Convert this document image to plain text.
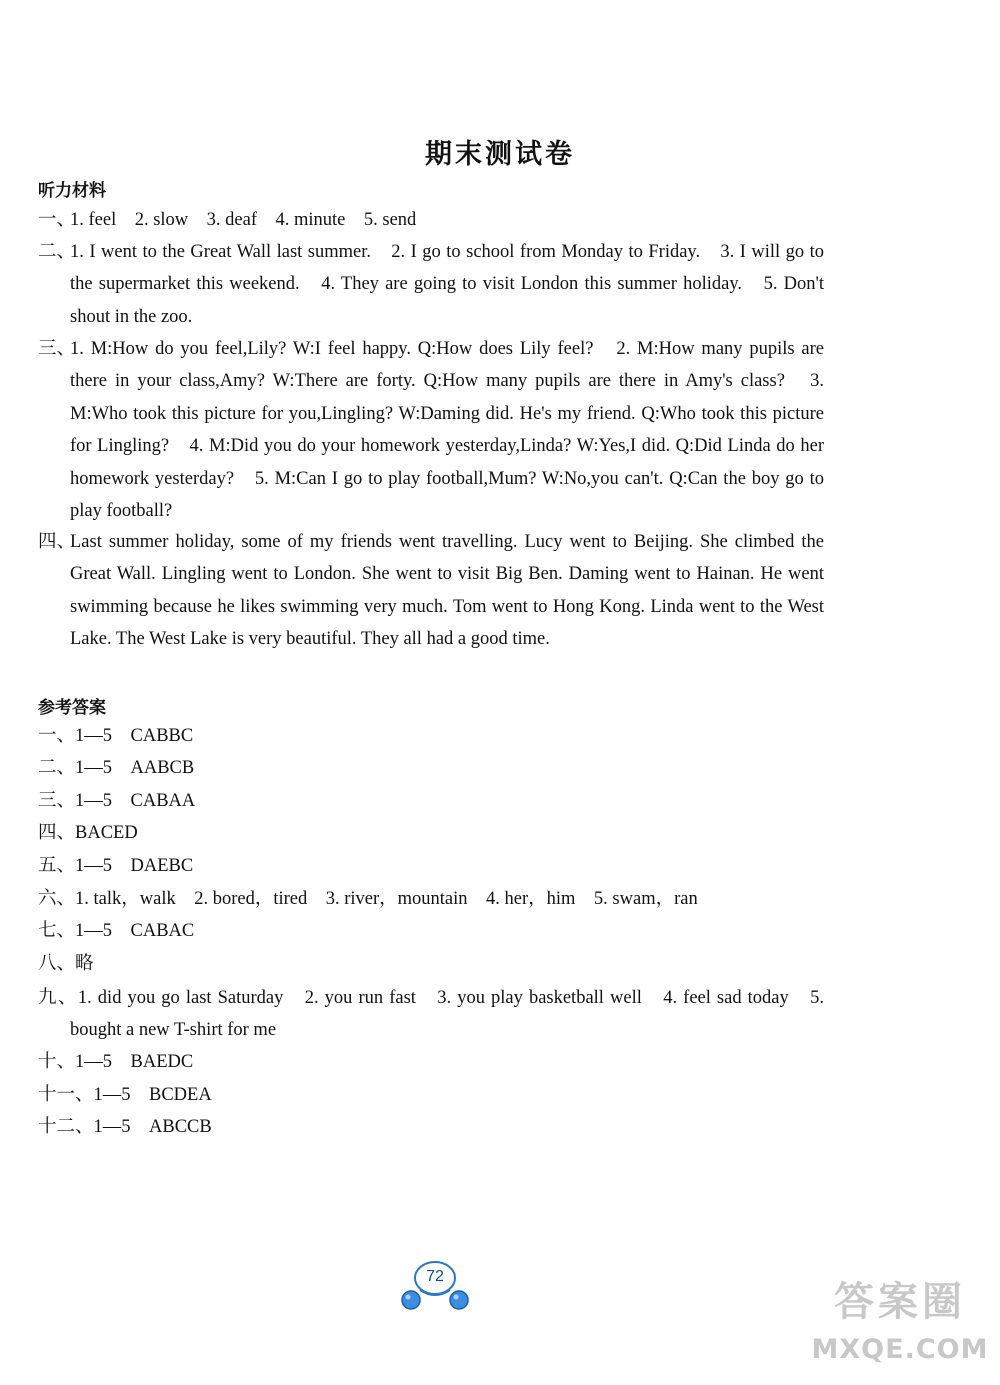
期末测试卷
听力材料
一、
1. feel　2. slow　3. deaf　4. minute　5. send
二、
1. I went to the Great Wall last summer.　2. I go to school from Monday to Friday.　3. I will go to the supermarket this weekend.　4. They are going to visit London this summer holiday.　5. Don't shout in the zoo.
三、
1. M:How do you feel,Lily? W:I feel happy. Q:How does Lily feel?　2. M:How many pupils are there in your class,Amy? W:There are forty. Q:How many pupils are there in Amy's class?　3. M:Who took this picture for you,Lingling? W:Daming did. He's my friend. Q:Who took this picture for Lingling?　4. M:Did you do your homework yesterday,Linda? W:Yes,I did. Q:Did Linda do her homework yesterday?　5. M:Can I go to play football,Mum? W:No,you can't. Q:Can the boy go to play football?
四、
Last summer holiday, some of my friends went travelling. Lucy went to Beijing. She climbed the Great Wall. Lingling went to London. She went to visit Big Ben. Daming went to Hainan. He went swimming because he likes swimming very much. Tom went to Hong Kong. Linda went to the West Lake. The West Lake is very beautiful. They all had a good time.
参考答案
一、1—5　CABBC
二、1—5　AABCB
三、1—5　CABAA
四、BACED
五、1—5　DAEBC
六、1. talk，walk　2. bored，tired　3. river，mountain　4. her，him　5. swam，ran
七、1—5　CABAC
八、略
九、1. did you go last Saturday　2. you run fast　3. you play basketball well　4. feel sad today　5. bought a new T-shirt for me
十、1—5　BAEDC
十一、1—5　BCDEA
十二、1—5　ABCCB
72
答案圈
MXQE.COM
